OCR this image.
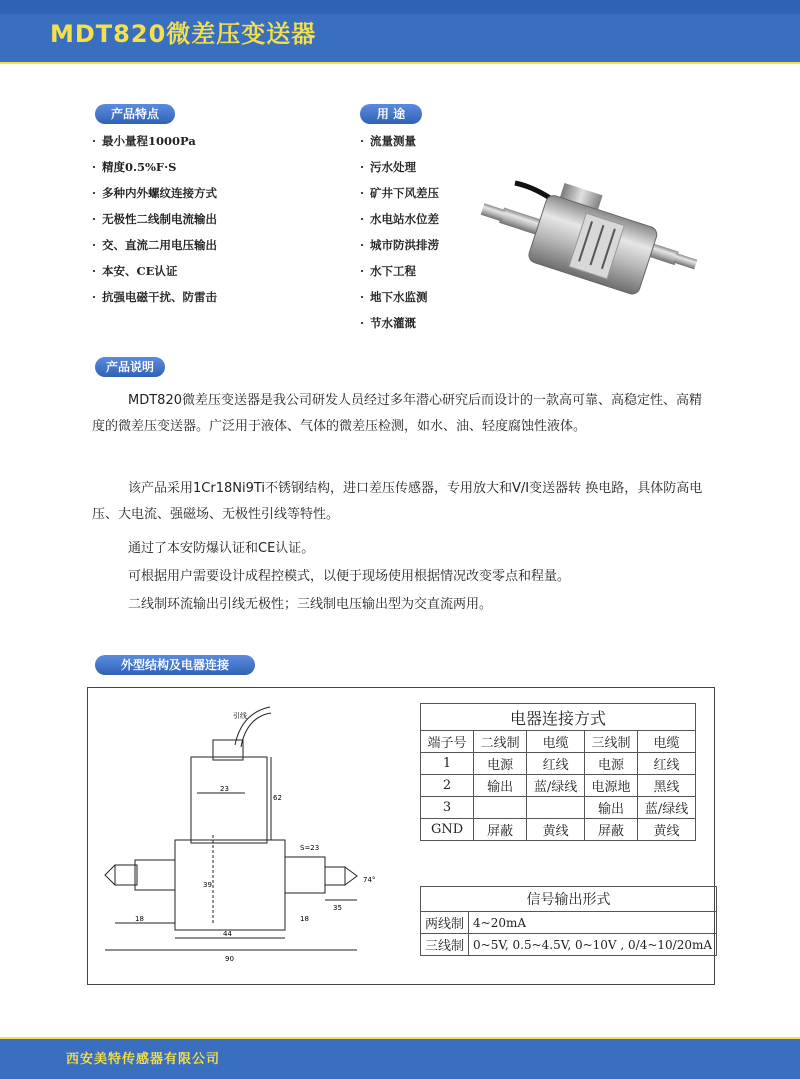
MDT820微差压变送器
产品特点
· 最小量程1000Pa
· 精度0.5%F·S
· 多种内外螺纹连接方式
· 无极性二线制电流输出
· 交、直流二用电压输出
· 本安、CE认证
· 抗强电磁干扰、防雷击
用 途
· 流量测量
· 污水处理
· 矿井下风差压
· 水电站水位差
· 城市防洪排涝
· 水下工程
· 地下水监测
· 节水灌溉
产品说明

MDT820微差压变送器是我公司研发人员经过多年潜心研究后而设计的一款高可靠、高稳定性、高精度的微差压变送器。广泛用于液体、气体的微差压检测，如水、油、轻度腐蚀性液体。

该产品采用1Cr18Ni9Ti不锈钢结构，进口差压传感器，专用放大和V/I变送器转 换电路，具体防高电压、大电流、强磁场、无极性引线等特性。

通过了本安防爆认证和CE认证。

可根据用户需要设计成程控模式，以便于现场使用根据情况改变零点和程量。

二线制环流输出引线无极性；三线制电压输出型为交直流两用。

外型结构及电器连接
引线
23
62
S=23
39
74°
35
18
44
18
90
电器连接方式				
端子号	二线制	电缆	三线制	电缆
1	电源	红线	电源	红线
2	输出	蓝/绿线	电源地	黑线
3			输出	蓝/绿线
GND	屏蔽	黄线	屏蔽	黄线
信号输出形式	
两线制	4~20mA
三线制	0~5V, 0.5~4.5V, 0~10V , 0/4~10/20mA
西安美特传感器有限公司
